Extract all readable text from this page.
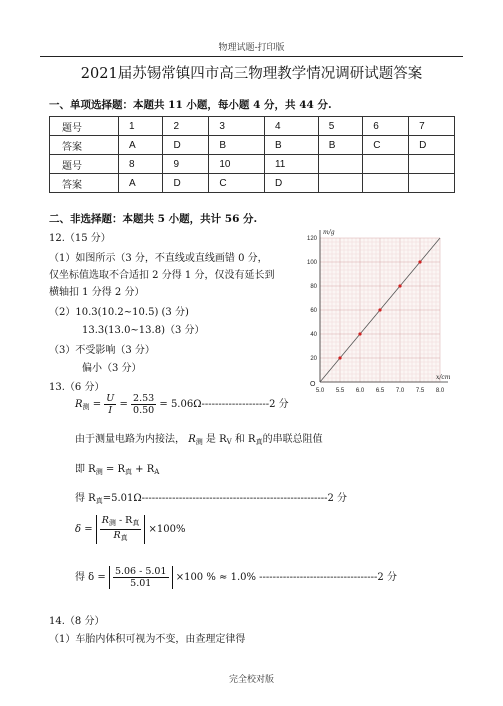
物理试题-打印版
2021届苏锡常镇四市高三物理教学情况调研试题答案
一、单项选择题：本题共 11 小题，每小题 4 分，共 44 分.
题号	1	2	3	4	5	6	7
答案	A	D	B	B	B	C	D
题号	8	9	10	11			
答案	A	D	C	D			
二、非选择题：本题共 5 小题，共计 56 分.
12.（15 分）
（1）如图所示（3 分，不直线或直线画错 0 分，
仅坐标值选取不合适扣 2 分得 1 分，仅没有延长到
横轴扣 1 分得 2 分）
（2）10.3(10.2~10.5) (3 分)
13.3(13.0~13.8)（3 分）
（3）不受影响（3 分）
偏小（3 分）
5.0 5.5 6.0 6.5 7.0 7.5 8.0
20
40
60
80
100
120
m/g
x/cm
O
13.（6 分）
$R_测 = \frac{U}{I} = \frac{2.53}{0.50} = 5.06\Omega--------------------2$ 分
由于测量电路为内接法， $R_测$ 是 $R_V$ 和 $R_真$的串联总阻值
即 $R_测 = R_真 + R_A$
得 $R_真=5.01\Omega-------------------------------------------------------2$ 分
$\delta = \frac{R_测 - R_真}{R_真} \times 100\%$
得 $\delta = \frac{5.06 - 5.01}{5.01} \times 100$ % ≈ 1.0% -----------------------------------2 分
14.（8 分）
（1）车胎内体积可视为不变，由查理定律得
完全校对版
